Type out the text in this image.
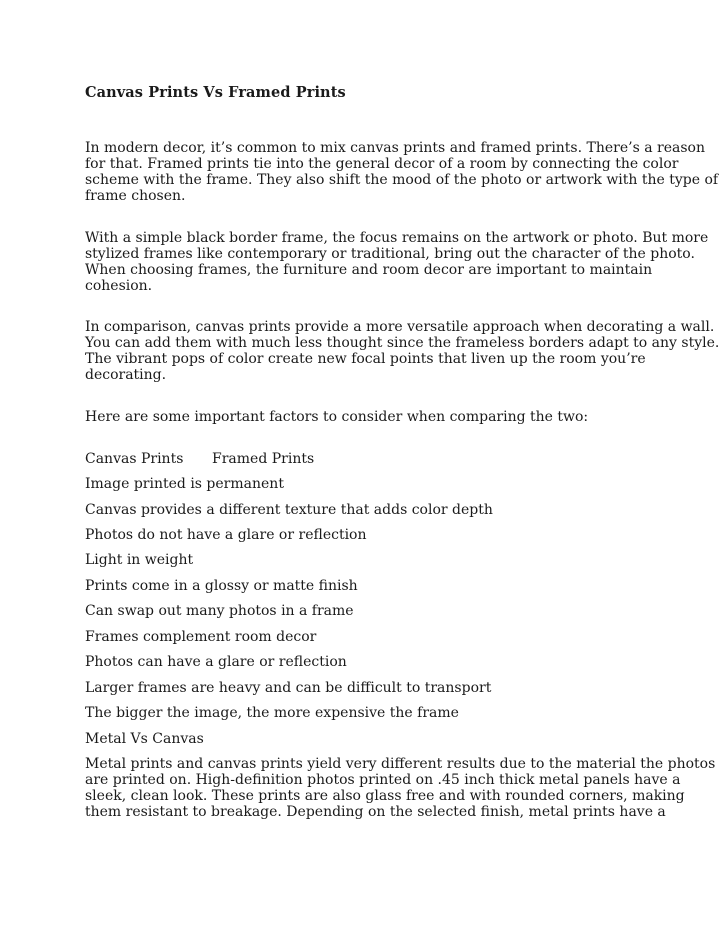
Canvas Prints Vs Framed Prints

In modern decor, it’s common to mix canvas prints and framed prints. There’s a reason
for that. Framed prints tie into the general decor of a room by connecting the color
scheme with the frame. They also shift the mood of the photo or artwork with the type of
frame chosen.

With a simple black border frame, the focus remains on the artwork or photo. But more
stylized frames like contemporary or traditional, bring out the character of the photo.
When choosing frames, the furniture and room decor are important to maintain
cohesion.

In comparison, canvas prints provide a more versatile approach when decorating a wall.
You can add them with much less thought since the frameless borders adapt to any style.
The vibrant pops of color create new focal points that liven up the room you’re
decorating.

Here are some important factors to consider when comparing the two:

Canvas Prints Framed Prints
Image printed is permanent
Canvas provides a different texture that adds color depth
Photos do not have a glare or reflection
Light in weight
Prints come in a glossy or matte finish
Can swap out many photos in a frame
Frames complement room decor
Photos can have a glare or reflection
Larger frames are heavy and can be difficult to transport
The bigger the image, the more expensive the frame
Metal Vs Canvas

Metal prints and canvas prints yield very different results due to the material the photos
are printed on. High-definition photos printed on .45 inch thick metal panels have a
sleek, clean look. These prints are also glass free and with rounded corners, making
them resistant to breakage. Depending on the selected finish, metal prints have a
